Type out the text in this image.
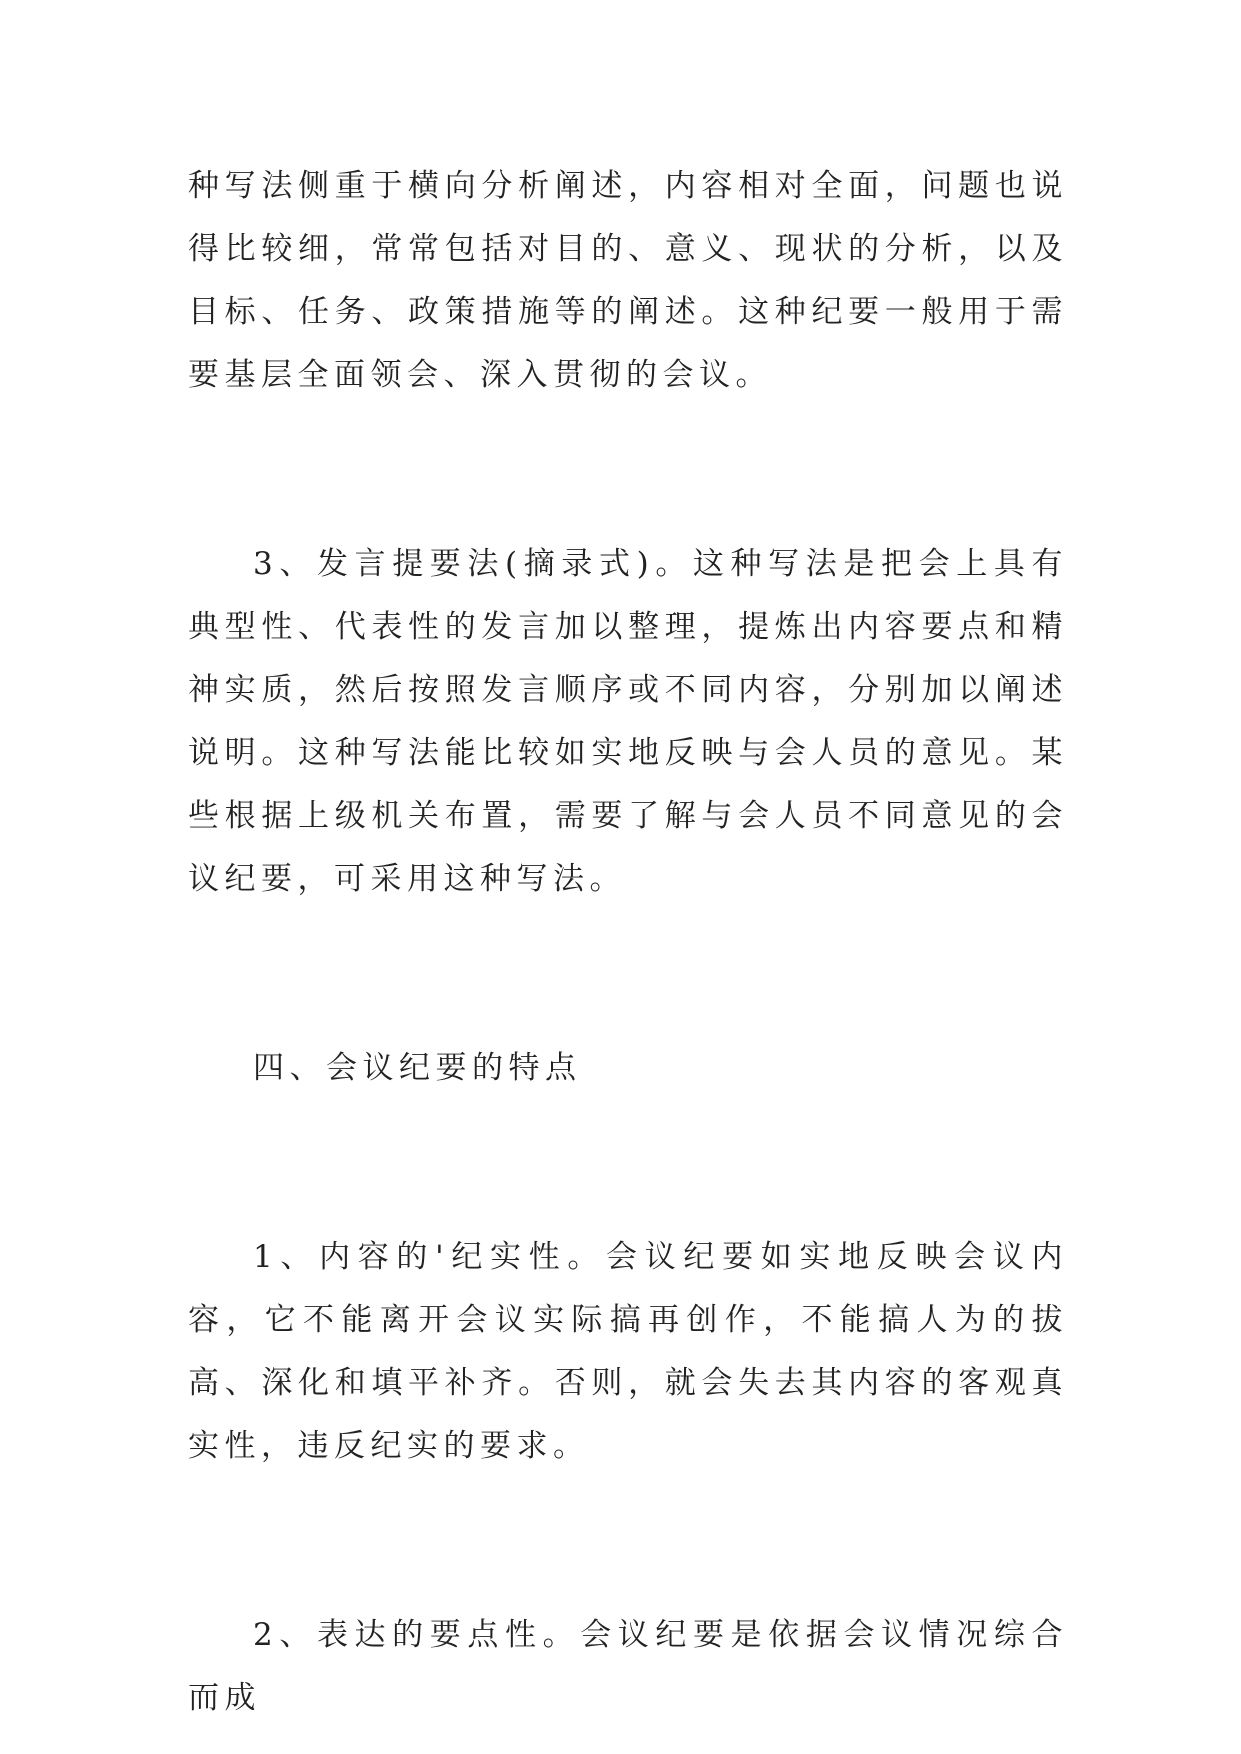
种写法侧重于横向分析阐述，内容相对全面，问题也说得比较细，常常包括对目的、意义、现状的分析，以及目标、任务、政策措施等的阐述。这种纪要一般用于需要基层全面领会、深入贯彻的会议。

3、发言提要法(摘录式)。这种写法是把会上具有典型性、代表性的发言加以整理，提炼出内容要点和精神实质，然后按照发言顺序或不同内容，分别加以阐述说明。这种写法能比较如实地反映与会人员的意见。某些根据上级机关布置，需要了解与会人员不同意见的会议纪要，可采用这种写法。

四、会议纪要的特点

1、内容的'纪实性。会议纪要如实地反映会议内容，它不能离开会议实际搞再创作，不能搞人为的拔高、深化和填平补齐。否则，就会失去其内容的客观真实性，违反纪实的要求。

2、表达的要点性。会议纪要是依据会议情况综合而成
